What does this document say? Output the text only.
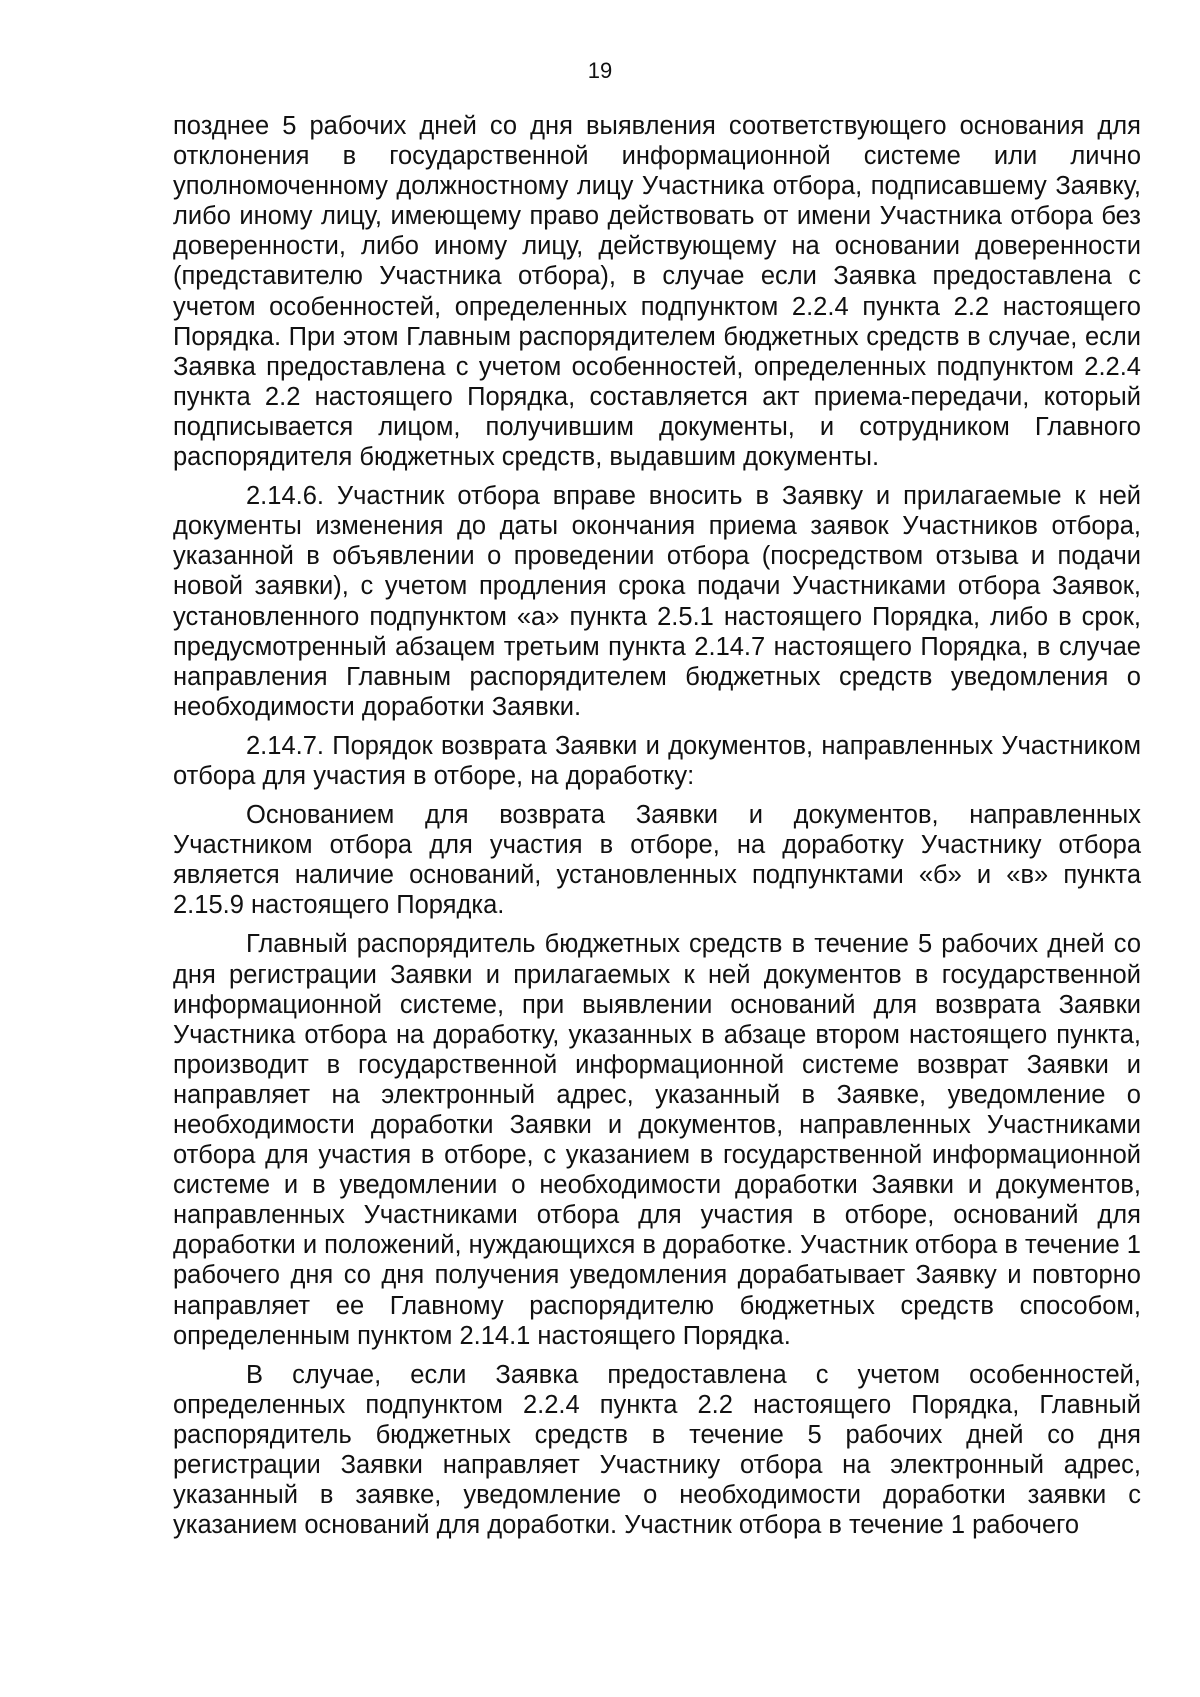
19

позднее 5 рабочих дней со дня выявления соответствующего основания для отклонения в государственной информационной системе или лично уполномоченному должностному лицу Участника отбора, подписавшему Заявку, либо иному лицу, имеющему право действовать от имени Участника отбора без доверенности, либо иному лицу, действующему на основании доверенности (представителю Участника отбора), в случае если Заявка предоставлена с учетом особенностей, определенных подпунктом 2.2.4 пункта 2.2 настоящего Порядка. При этом Главным распорядителем бюджетных средств в случае, если Заявка предоставлена с учетом особенностей, определенных подпунктом 2.2.4 пункта 2.2 настоящего Порядка, составляется акт приема-передачи, который подписывается лицом, получившим документы, и сотрудником Главного распорядителя бюджетных средств, выдавшим документы.

2.14.6. Участник отбора вправе вносить в Заявку и прилагаемые к ней документы изменения до даты окончания приема заявок Участников отбора, указанной в объявлении о проведении отбора (посредством отзыва и подачи новой заявки), с учетом продления срока подачи Участниками отбора Заявок, установленного подпунктом «а» пункта 2.5.1 настоящего Порядка, либо в срок, предусмотренный абзацем третьим пункта 2.14.7 настоящего Порядка, в случае направления Главным распорядителем бюджетных средств уведомления о необходимости доработки Заявки.

2.14.7. Порядок возврата Заявки и документов, направленных Участником отбора для участия в отборе, на доработку:

Основанием для возврата Заявки и документов, направленных Участником отбора для участия в отборе, на доработку Участнику отбора является наличие оснований, установленных подпунктами «б» и «в» пункта 2.15.9 настоящего Порядка.

Главный распорядитель бюджетных средств в течение 5 рабочих дней со дня регистрации Заявки и прилагаемых к ней документов в государственной информационной системе, при выявлении оснований для возврата Заявки Участника отбора на доработку, указанных в абзаце втором настоящего пункта, производит в государственной информационной системе возврат Заявки и направляет на электронный адрес, указанный в Заявке, уведомление о необходимости доработки Заявки и документов, направленных Участниками отбора для участия в отборе, с указанием в государственной информационной системе и в уведомлении о необходимости доработки Заявки и документов, направленных Участниками отбора для участия в отборе, оснований для доработки и положений, нуждающихся в доработке. Участник отбора в течение 1 рабочего дня со дня получения уведомления дорабатывает Заявку и повторно направляет ее Главному распорядителю бюджетных средств способом, определенным пунктом 2.14.1 настоящего Порядка.

В случае, если Заявка предоставлена с учетом особенностей, определенных подпунктом 2.2.4 пункта 2.2 настоящего Порядка, Главный распорядитель бюджетных средств в течение 5 рабочих дней со дня регистрации Заявки направляет Участнику отбора на электронный адрес, указанный в заявке, уведомление о необходимости доработки заявки с указанием оснований для доработки. Участник отбора в течение 1 рабочего
